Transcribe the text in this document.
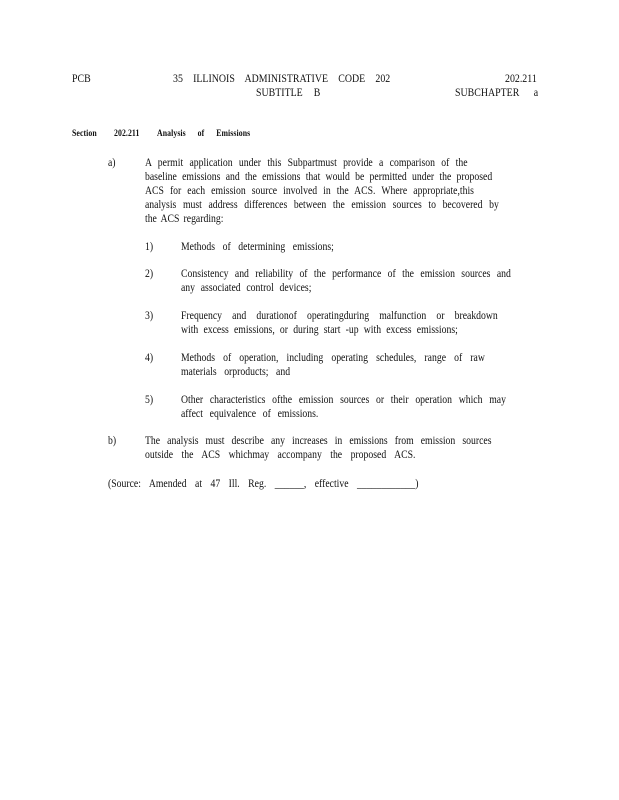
PCB	35 ILLINOIS ADMINISTRATIVE CODE 202	202.211
SUBTITLE B	SUBCHAPTER a
Section 202.211 Analysis of Emissions
a)	A permit application under this Subpartmust provide a comparison of the
baseline emissions and the emissions that would be permitted under the proposed
ACS for each emission source involved in the ACS. Where appropriate,this
analysis must address differences between the emission sources to becovered by
the ACS regarding:
1) Methods of determining emissions;
2) Consistency and reliability of the performance of the emission sources and
any associated control devices;
3) Frequency and durationof operatingduring malfunction or breakdown
with excess emissions, or during start -up with excess emissions;
4) Methods of operation, including operating schedules, range of raw
materials orproducts; and
5) Other characteristics ofthe emission sources or their operation which may
affect equivalence of emissions.
b)	The analysis must describe any increases in emissions from emission sources
outside the ACS whichmay accompany the proposed ACS.
(Source: Amended at 47 Ill. Reg. ______, effective ____________)
